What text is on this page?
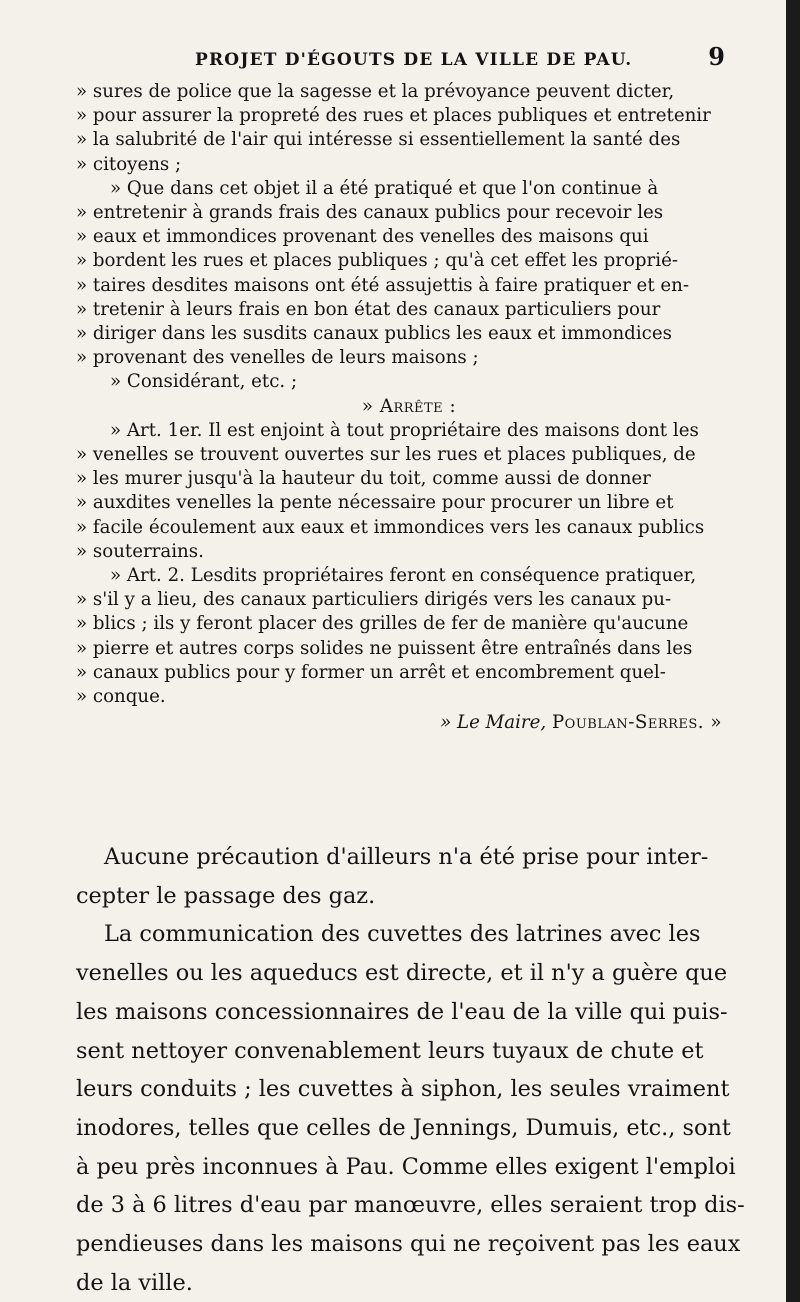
PROJET D'ÉGOUTS DE LA VILLE DE PAU.	9
» sures de police que la sagesse et la prévoyance peuvent dicter,
» pour assurer la propreté des rues et places publiques et entretenir
» la salubrité de l'air qui intéresse si essentiellement la santé des
» citoyens ;
» Que dans cet objet il a été pratiqué et que l'on continue à
» entretenir à grands frais des canaux publics pour recevoir les
» eaux et immondices provenant des venelles des maisons qui
» bordent les rues et places publiques ; qu'à cet effet les proprié-
» taires desdites maisons ont été assujettis à faire pratiquer et en-
» tretenir à leurs frais en bon état des canaux particuliers pour
» diriger dans les susdits canaux publics les eaux et immondices
» provenant des venelles de leurs maisons ;
» Considérant, etc. ;
» Arrête :
» Art. 1er. Il est enjoint à tout propriétaire des maisons dont les
» venelles se trouvent ouvertes sur les rues et places publiques, de
» les murer jusqu'à la hauteur du toit, comme aussi de donner
» auxdites venelles la pente nécessaire pour procurer un libre et
» facile écoulement aux eaux et immondices vers les canaux publics
» souterrains.
» Art. 2. Lesdits propriétaires feront en conséquence pratiquer,
» s'il y a lieu, des canaux particuliers dirigés vers les canaux pu-
» blics ; ils y feront placer des grilles de fer de manière qu'aucune
» pierre et autres corps solides ne puissent être entraînés dans les
» canaux publics pour y former un arrêt et encombrement quel-
» conque.
» Le Maire, Poublan-Serres. »
Aucune précaution d'ailleurs n'a été prise pour inter-
cepter le passage des gaz.
La communication des cuvettes des latrines avec les
venelles ou les aqueducs est directe, et il n'y a guère que
les maisons concessionnaires de l'eau de la ville qui puis-
sent nettoyer convenablement leurs tuyaux de chute et
leurs conduits ; les cuvettes à siphon, les seules vraiment
inodores, telles que celles de Jennings, Dumuis, etc., sont
à peu près inconnues à Pau. Comme elles exigent l'emploi
de 3 à 6 litres d'eau par manœuvre, elles seraient trop dis-
pendieuses dans les maisons qui ne reçoivent pas les eaux
de la ville.
